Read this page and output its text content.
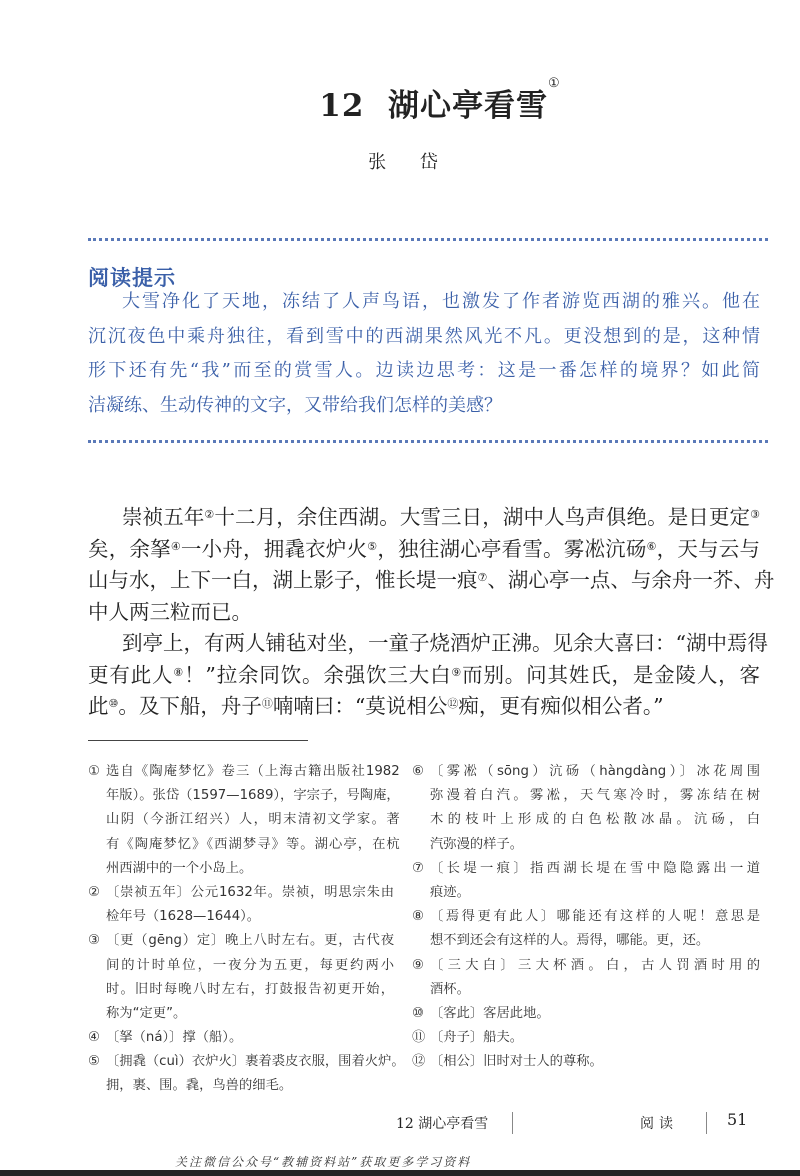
12 湖心亭看雪①
张 岱
阅读提示
大雪净化了天地，冻结了人声鸟语，也激发了作者游览西湖的雅兴。他在
沉沉夜色中乘舟独往，看到雪中的西湖果然风光不凡。更没想到的是，这种情
形下还有先“我”而至的赏雪人。边读边思考：这是一番怎样的境界？如此简
洁凝练、生动传神的文字，又带给我们怎样的美感？
崇祯五年②十二月，余住西湖。大雪三日，湖中人鸟声俱绝。是日更定③
矣，余拏④一小舟，拥毳衣炉火⑤，独往湖心亭看雪。雾凇沆砀⑥，天与云与
山与水，上下一白，湖上影子，惟长堤一痕⑦、湖心亭一点、与余舟一芥、舟
中人两三粒而已。
到亭上，有两人铺毡对坐，一童子烧酒炉正沸。见余大喜曰：“湖中焉得
更有此人⑧！”拉余同饮。余强饮三大白⑨而别。问其姓氏，是金陵人，客
此⑩。及下船，舟子⑪喃喃曰：“莫说相公⑫痴，更有痴似相公者。”
① 选自《陶庵梦忆》卷三（上海古籍出版社1982
年版）。张岱（1597—1689），字宗子，号陶庵，
山阴（今浙江绍兴）人，明末清初文学家。著
有《陶庵梦忆》《西湖梦寻》等。湖心亭，在杭
州西湖中的一个小岛上。
② 〔崇祯五年〕公元1632年。崇祯，明思宗朱由
检年号（1628—1644）。
③ 〔更（gēng）定〕晚上八时左右。更，古代夜
间的计时单位，一夜分为五更，每更约两小
时。旧时每晚八时左右，打鼓报告初更开始，
称为“定更”。
④ 〔拏（ná）〕撑（船）。
⑤ 〔拥毳（cuì）衣炉火〕裹着裘皮衣服，围着火炉。
拥，裹、围。毳，鸟兽的细毛。
⑥ 〔雾凇（sōng）沆砀（hàngdàng）〕冰花周围
弥漫着白汽。雾凇，天气寒冷时，雾冻结在树
木的枝叶上形成的白色松散冰晶。沆砀，白
汽弥漫的样子。
⑦ 〔长堤一痕〕指西湖长堤在雪中隐隐露出一道
痕迹。
⑧ 〔焉得更有此人〕哪能还有这样的人呢！意思是
想不到还会有这样的人。焉得，哪能。更，还。
⑨ 〔三大白〕三大杯酒。白，古人罚酒时用的
酒杯。
⑩ 〔客此〕客居此地。
⑪ 〔舟子〕船夫。
⑫ 〔相公〕旧时对士人的尊称。
12 湖心亭看雪	阅读	51
关注微信公众号“教辅资料站”获取更多学习资料
